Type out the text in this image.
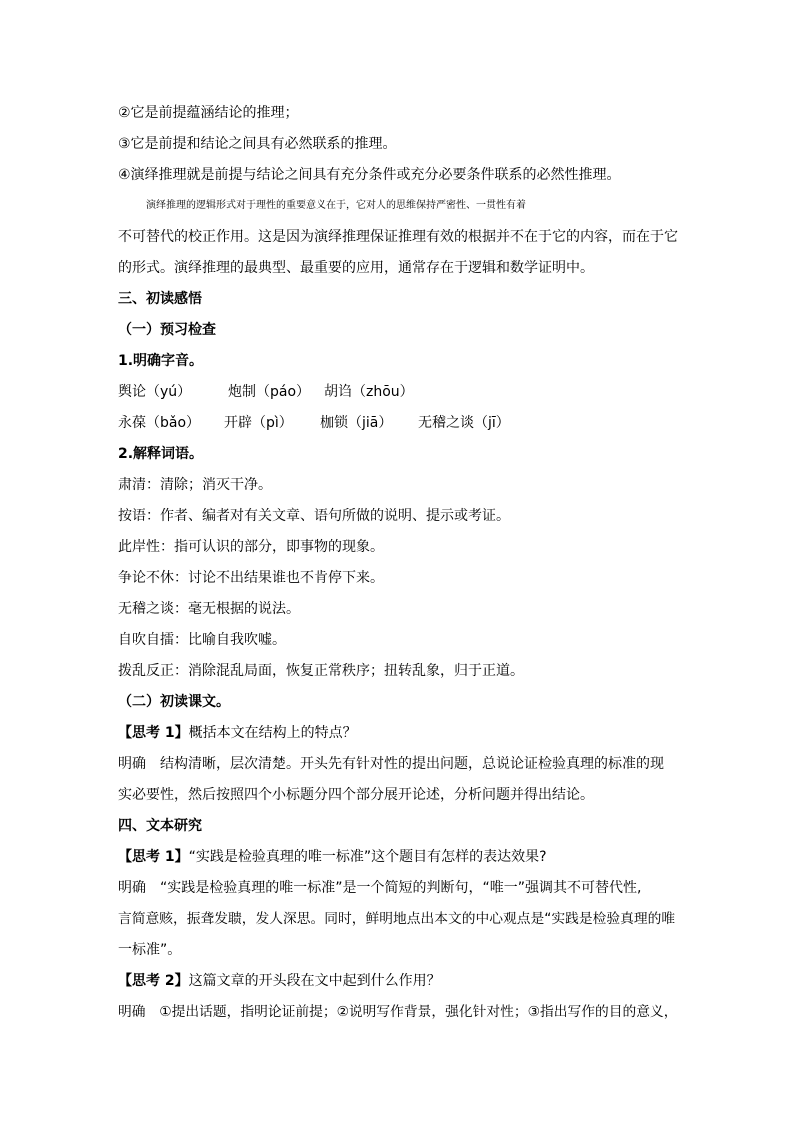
②它是前提蕴涵结论的推理；
③它是前提和结论之间具有必然联系的推理。
④演绎推理就是前提与结论之间具有充分条件或充分必要条件联系的必然性推理。
演绎推理的逻辑形式对于理性的重要意义在于，它对人的思维保持严密性、一贯性有着
不可替代的校正作用。这是因为演绎推理保证推理有效的根据并不在于它的内容，而在于它
的形式。演绎推理的最典型、最重要的应用，通常存在于逻辑和数学证明中。
三、初读感悟
（一）预习检查
1.明确字音。
舆论（yú）	炮制（páo） 胡诌（zhōu）
永葆（bǎo） 开辟（pì） 枷锁（jiā） 无稽之谈（jī）
2.解释词语。
肃清：清除；消灭干净。
按语：作者、编者对有关文章、语句所做的说明、提示或考证。
此岸性：指可认识的部分，即事物的现象。
争论不休：讨论不出结果谁也不肯停下来。
无稽之谈：毫无根据的说法。
自吹自擂：比喻自我吹嘘。
拨乱反正：消除混乱局面，恢复正常秩序；扭转乱象，归于正道。
（二）初读课文。
【思考 1】概括本文在结构上的特点？
明确　结构清晰，层次清楚。开头先有针对性的提出问题，总说论证检验真理的标准的现
实必要性，然后按照四个小标题分四个部分展开论述，分析问题并得出结论。
四、文本研究
【思考 1】“实践是检验真理的唯一标准”这个题目有怎样的表达效果?
明确　“实践是检验真理的唯一标准”是一个简短的判断句，“唯一”强调其不可替代性,
言简意赅，振聋发聩，发人深思。同时，鲜明地点出本文的中心观点是“实践是检验真理的唯
一标准”。
【思考 2】这篇文章的开头段在文中起到什么作用？
明确　①提出话题，指明论证前提；②说明写作背景，强化针对性；③指出写作的目的意义，
